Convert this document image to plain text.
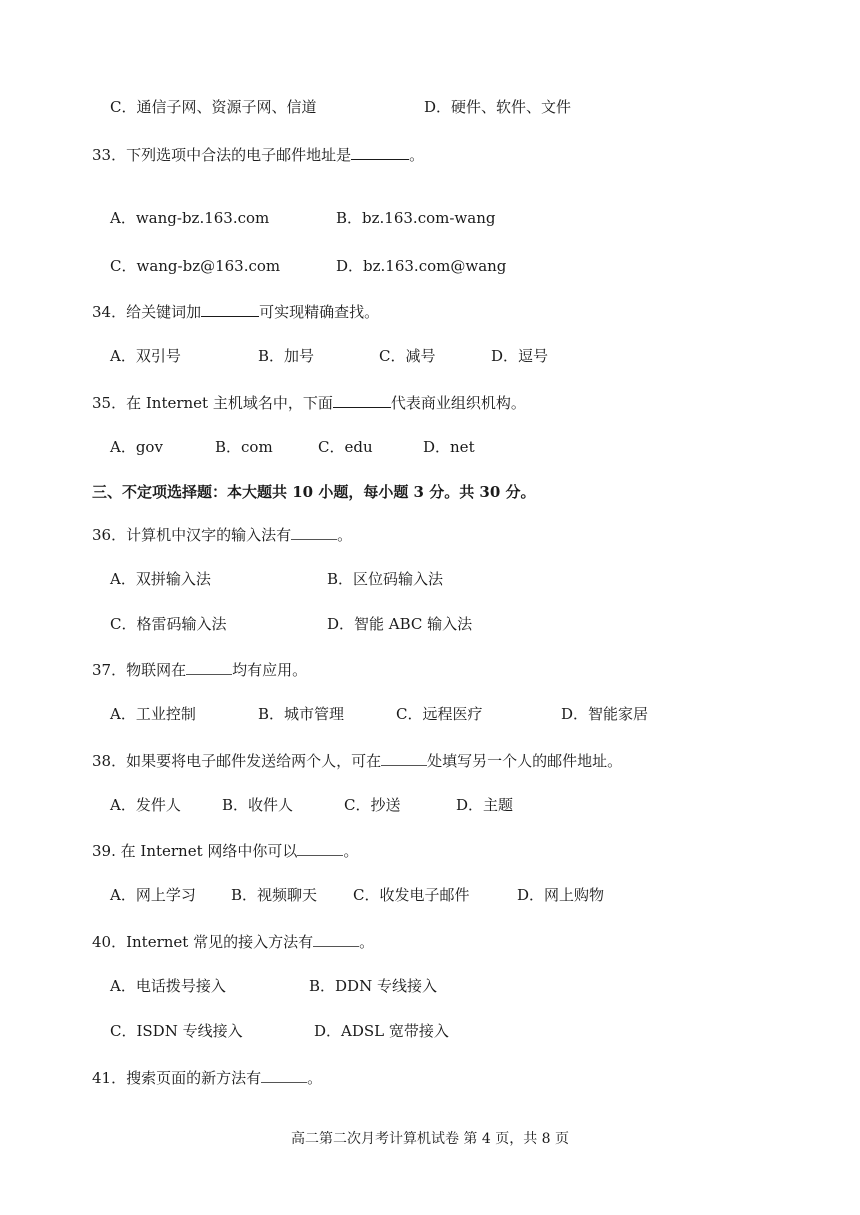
C．通信子网、资源子网、信道	D．硬件、软件、文件
33．下列选项中合法的电子邮件地址是	。
A．wang-bz.163.com	B．bz.163.com-wang
C．wang-bz@163.com	D．bz.163.com@wang
34．给关键词加	可实现精确查找。
A．双引号	B．加号	C．减号	D．逗号
35．在 Internet 主机域名中，下面	代表商业组织机构。
A．gov	B．com	C．edu	D．net
三、不定项选择题：本大题共 10 小题，每小题 3 分。共 30 分。
36．计算机中汉字的输入法有	。
A．双拼输入法	B．区位码输入法
C．格雷码输入法	D．智能 ABC 输入法
37．物联网在	均有应用。
A．工业控制	B．城市管理	C．远程医疗	D．智能家居
38．如果要将电子邮件发送给两个人，可在	处填写另一个人的邮件地址。
A．发件人	B．收件人	C．抄送	D．主题
39. 在 Internet 网络中你可以	。
A．网上学习 B．视频聊天 C．收发电子邮件	D．网上购物
40．Internet 常见的接入方法有	。
A．电话拨号接入	B．DDN 专线接入
C．ISDN 专线接入	D．ADSL 宽带接入
41．搜索页面的新方法有	。
高二第二次月考计算机试卷 第 4 页，共 8 页
